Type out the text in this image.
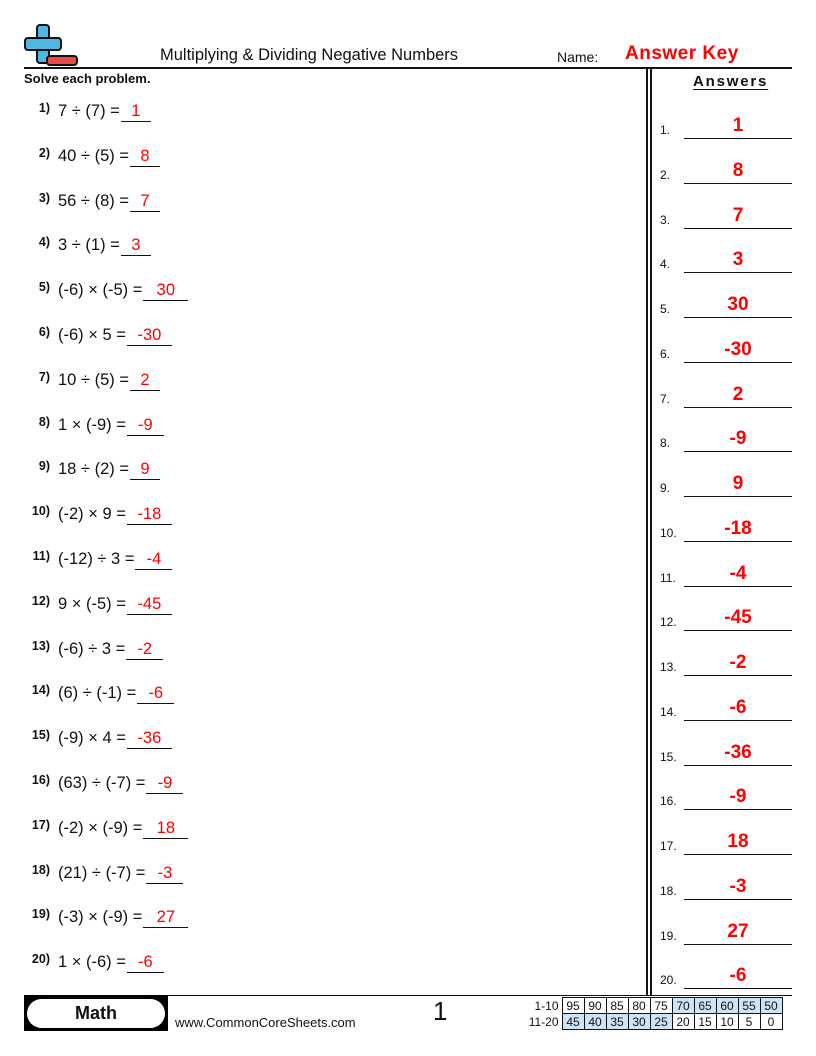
Multiplying & Dividing Negative Numbers	Name: Answer Key
Solve each problem.
1) 7 ÷ (7) = 1
2) 40 ÷ (5) = 8
3) 56 ÷ (8) = 7
4) 3 ÷ (1) = 3
5) (-6) × (-5) = 30
6) (-6) × 5 = -30
7) 10 ÷ (5) = 2
8) 1 × (-9) = -9
9) 18 ÷ (2) = 9
10) (-2) × 9 = -18
11) (-12) ÷ 3 = -4
12) 9 × (-5) = -45
13) (-6) ÷ 3 = -2
14) (6) ÷ (-1) = -6
15) (-9) × 4 = -36
16) (63) ÷ (-7) = -9
17) (-2) × (-9) = 18
18) (21) ÷ (-7) = -3
19) (-3) × (-9) = 27
20) 1 × (-6) = -6
Answers
1.	1
2.	8
3.	7
4.	3
5.	30
6.	-30
7.	2
8.	-9
9.	9
10.	-18
11.	-4
12.	-45
13.	-2
14.	-6
15.	-36
16.	-9
17.	18
18.	-3
19.	27
20.	-6
Math	www.CommonCoreSheets.com	1	1-10	95	90	85	80	75	70	65	60	55	50
11-20	45	40	35	30	25	20	15	10	5	0
